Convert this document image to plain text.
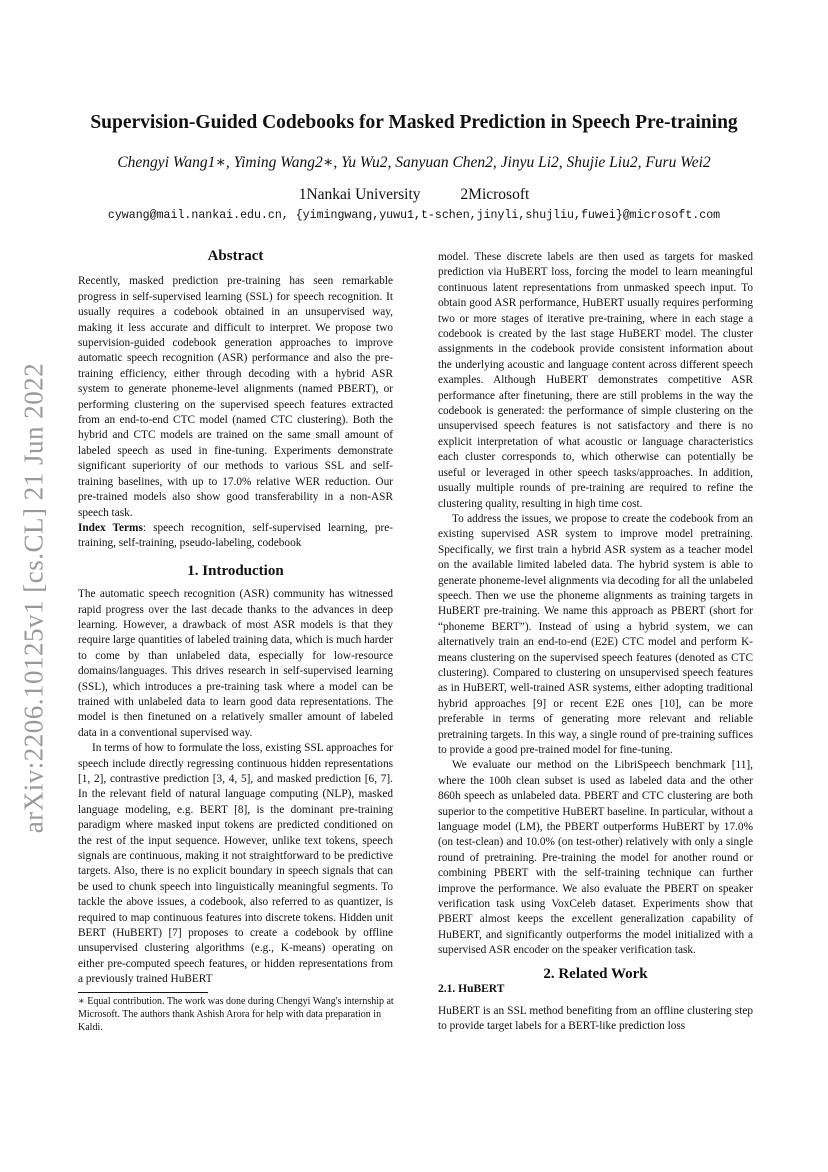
arXiv:2206.10125v1 [cs.CL] 21 Jun 2022
Supervision-Guided Codebooks for Masked Prediction in Speech Pre-training
Chengyi Wang1∗, Yiming Wang2∗, Yu Wu2, Sanyuan Chen2, Jinyu Li2, Shujie Liu2, Furu Wei2
1Nankai University	2Microsoft
cywang@mail.nankai.edu.cn, {yimingwang,yuwu1,t-schen,jinyli,shujliu,fuwei}@microsoft.com
Abstract

Recently, masked prediction pre-training has seen remarkable progress in self-supervised learning (SSL) for speech recognition. It usually requires a codebook obtained in an unsupervised way, making it less accurate and difficult to interpret. We propose two supervision-guided codebook generation approaches to improve automatic speech recognition (ASR) performance and also the pre-training efficiency, either through decoding with a hybrid ASR system to generate phoneme-level alignments (named PBERT), or performing clustering on the supervised speech features extracted from an end-to-end CTC model (named CTC clustering). Both the hybrid and CTC models are trained on the same small amount of labeled speech as used in fine-tuning. Experiments demonstrate significant superiority of our methods to various SSL and self-training baselines, with up to 17.0% relative WER reduction. Our pre-trained models also show good transferability in a non-ASR speech task.

Index Terms: speech recognition, self-supervised learning, pre-training, self-training, pseudo-labeling, codebook

1. Introduction

The automatic speech recognition (ASR) community has witnessed rapid progress over the last decade thanks to the advances in deep learning. However, a drawback of most ASR models is that they require large quantities of labeled training data, which is much harder to come by than unlabeled data, especially for low-resource domains/languages. This drives research in self-supervised learning (SSL), which introduces a pre-training task where a model can be trained with unlabeled data to learn good data representations. The model is then finetuned on a relatively smaller amount of labeled data in a conventional supervised way.

In terms of how to formulate the loss, existing SSL approaches for speech include directly regressing continuous hidden representations [1, 2], contrastive prediction [3, 4, 5], and masked prediction [6, 7]. In the relevant field of natural language computing (NLP), masked language modeling, e.g. BERT [8], is the dominant pre-training paradigm where masked input tokens are predicted conditioned on the rest of the input sequence. However, unlike text tokens, speech signals are continuous, making it not straightforward to be predictive targets. Also, there is no explicit boundary in speech signals that can be used to chunk speech into linguistically meaningful segments. To tackle the above issues, a codebook, also referred to as quantizer, is required to map continuous features into discrete tokens. Hidden unit BERT (HuBERT) [7] proposes to create a codebook by offline unsupervised clustering algorithms (e.g., K-means) operating on either pre-computed speech features, or hidden representations from a previously trained HuBERT

∗ Equal contribution. The work was done during Chengyi Wang's internship at Microsoft. The authors thank Ashish Arora for help with data preparation in Kaldi.

model. These discrete labels are then used as targets for masked prediction via HuBERT loss, forcing the model to learn meaningful continuous latent representations from unmasked speech input. To obtain good ASR performance, HuBERT usually requires performing two or more stages of iterative pre-training, where in each stage a codebook is created by the last stage HuBERT model. The cluster assignments in the codebook provide consistent information about the underlying acoustic and language content across different speech examples. Although HuBERT demonstrates competitive ASR performance after finetuning, there are still problems in the way the codebook is generated: the performance of simple clustering on the unsupervised speech features is not satisfactory and there is no explicit interpretation of what acoustic or language characteristics each cluster corresponds to, which otherwise can potentially be useful or leveraged in other speech tasks/approaches. In addition, usually multiple rounds of pre-training are required to refine the clustering quality, resulting in high time cost.

To address the issues, we propose to create the codebook from an existing supervised ASR system to improve model pretraining. Specifically, we first train a hybrid ASR system as a teacher model on the available limited labeled data. The hybrid system is able to generate phoneme-level alignments via decoding for all the unlabeled speech. Then we use the phoneme alignments as training targets in HuBERT pre-training. We name this approach as PBERT (short for “phoneme BERT”). Instead of using a hybrid system, we can alternatively train an end-to-end (E2E) CTC model and perform K-means clustering on the supervised speech features (denoted as CTC clustering). Compared to clustering on unsupervised speech features as in HuBERT, well-trained ASR systems, either adopting traditional hybrid approaches [9] or recent E2E ones [10], can be more preferable in terms of generating more relevant and reliable pretraining targets. In this way, a single round of pre-training suffices to provide a good pre-trained model for fine-tuning.

We evaluate our method on the LibriSpeech benchmark [11], where the 100h clean subset is used as labeled data and the other 860h speech as unlabeled data. PBERT and CTC clustering are both superior to the competitive HuBERT baseline. In particular, without a language model (LM), the PBERT outperforms HuBERT by 17.0% (on test-clean) and 10.0% (on test-other) relatively with only a single round of pretraining. Pre-training the model for another round or combining PBERT with the self-training technique can further improve the performance. We also evaluate the PBERT on speaker verification task using VoxCeleb dataset. Experiments show that PBERT almost keeps the excellent generalization capability of HuBERT, and significantly outperforms the model initialized with a supervised ASR encoder on the speaker verification task.

2. Related Work
2.1. HuBERT

HuBERT is an SSL method benefiting from an offline clustering step to provide target labels for a BERT-like prediction loss
